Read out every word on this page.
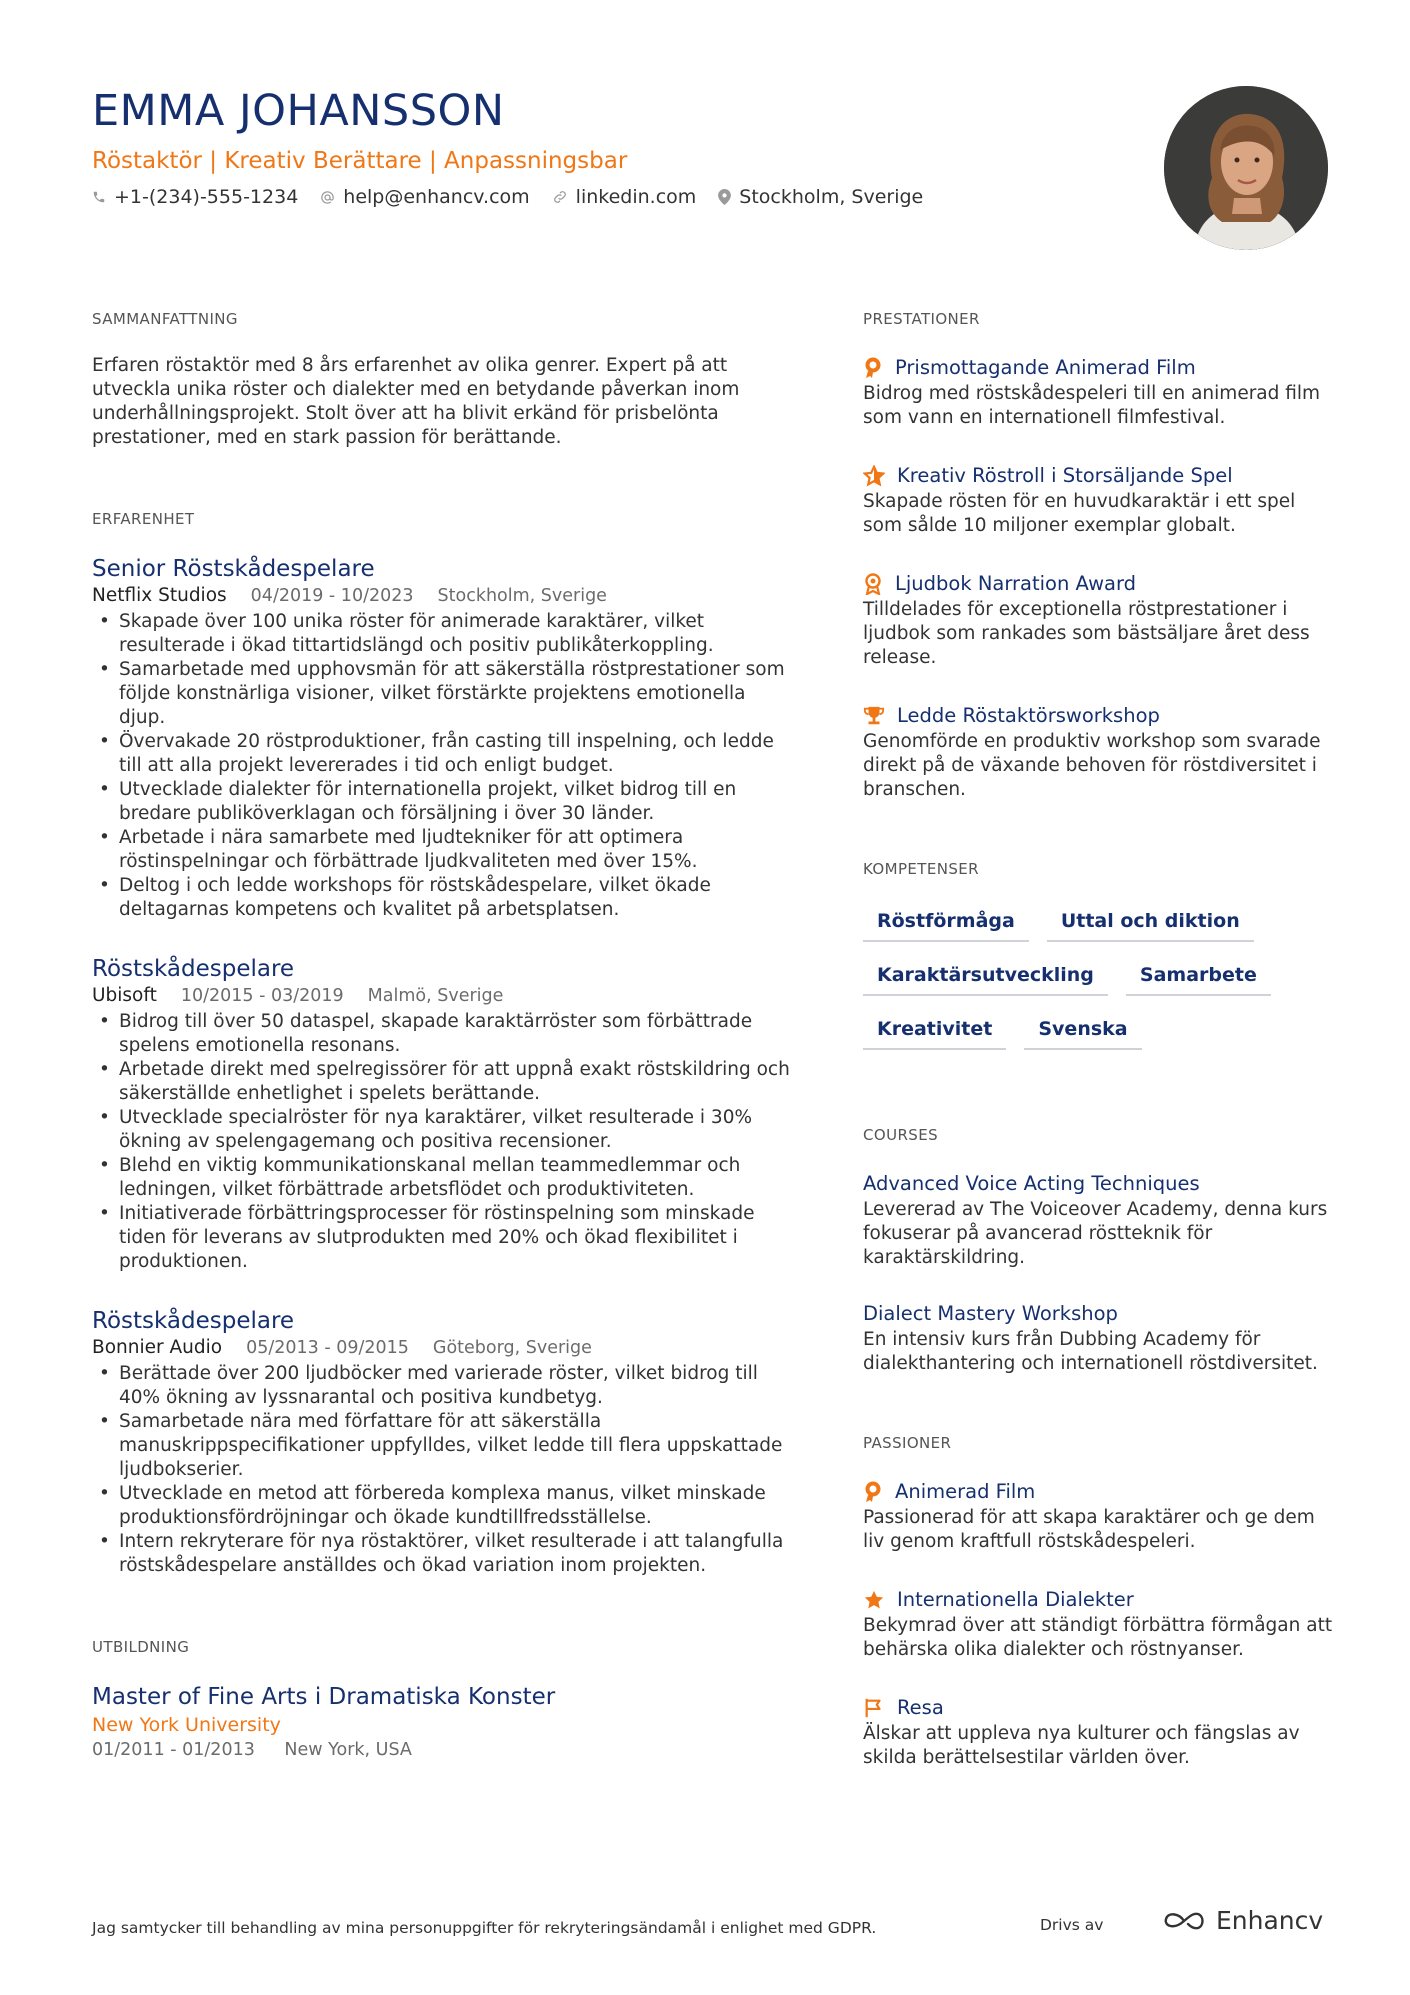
EMMA JOHANSSON
Röstaktör | Kreativ Berättare | Anpassningsbar
+1-(234)-555-1234 help@enhancv.com linkedin.com Stockholm, Sverige
SAMMANFATTNING
Erfaren röstaktör med 8 års erfarenhet av olika genrer. Expert på att utveckla unika röster och dialekter med en betydande påverkan inom underhållningsprojekt. Stolt över att ha blivit erkänd för prisbelönta prestationer, med en stark passion för berättande.
ERFARENHET
Senior Röstskådespelare
Netflix Studios 04/2019 - 10/2023 Stockholm, Sverige
• Skapade över 100 unika röster för animerade karaktärer, vilket resulterade i ökad tittartidslängd och positiv publikåterkoppling.
• Samarbetade med upphovsmän för att säkerställa röstprestationer som följde konstnärliga visioner, vilket förstärkte projektens emotionella djup.
• Övervakade 20 röstproduktioner, från casting till inspelning, och ledde till att alla projekt levererades i tid och enligt budget.
• Utvecklade dialekter för internationella projekt, vilket bidrog till en bredare publiköverklagan och försäljning i över 30 länder.
• Arbetade i nära samarbete med ljudtekniker för att optimera röstinspelningar och förbättrade ljudkvaliteten med över 15%.
• Deltog i och ledde workshops för röstskådespelare, vilket ökade deltagarnas kompetens och kvalitet på arbetsplatsen.
Röstskådespelare
Ubisoft 10/2015 - 03/2019 Malmö, Sverige
• Bidrog till över 50 dataspel, skapade karaktärröster som förbättrade spelens emotionella resonans.
• Arbetade direkt med spelregissörer för att uppnå exakt röstskildring och säkerställde enhetlighet i spelets berättande.
• Utvecklade specialröster för nya karaktärer, vilket resulterade i 30% ökning av spelengagemang och positiva recensioner.
• Blehd en viktig kommunikationskanal mellan teammedlemmar och ledningen, vilket förbättrade arbetsflödet och produktiviteten.
• Initiativerade förbättringsprocesser för röstinspelning som minskade tiden för leverans av slutprodukten med 20% och ökad flexibilitet i produktionen.
Röstskådespelare
Bonnier Audio 05/2013 - 09/2015 Göteborg, Sverige
• Berättade över 200 ljudböcker med varierade röster, vilket bidrog till 40% ökning av lyssnarantal och positiva kundbetyg.
• Samarbetade nära med författare för att säkerställa manuskrippspecifikationer uppfylldes, vilket ledde till flera uppskattade ljudbokserier.
• Utvecklade en metod att förbereda komplexa manus, vilket minskade produktionsfördröjningar och ökade kundtillfredsställelse.
• Intern rekryterare för nya röstaktörer, vilket resulterade i att talangfulla röstskådespelare anställdes och ökad variation inom projekten.
UTBILDNING
Master of Fine Arts i Dramatiska Konster
New York University
01/2011 - 01/2013 New York, USA
PRESTATIONER
Prismottagande Animerad Film
Bidrog med röstskådespeleri till en animerad film som vann en internationell filmfestival.
Kreativ Röstroll i Storsäljande Spel
Skapade rösten för en huvudkaraktär i ett spel som sålde 10 miljoner exemplar globalt.
Ljudbok Narration Award
Tilldelades för exceptionella röstprestationer i ljudbok som rankades som bästsäljare året dess release.
Ledde Röstaktörsworkshop
Genomförde en produktiv workshop som svarade direkt på de växande behoven för röstdiversitet i branschen.
KOMPETENSER
Röstförmåga	Uttal och diktion
Karaktärsutveckling	Samarbete
Kreativitet	Svenska
COURSES
Advanced Voice Acting Techniques
Levererad av The Voiceover Academy, denna kurs fokuserar på avancerad röstteknik för karaktärskildring.
Dialect Mastery Workshop
En intensiv kurs från Dubbing Academy för dialekthantering och internationell röstdiversitet.
PASSIONER
Animerad Film
Passionerad för att skapa karaktärer och ge dem liv genom kraftfull röstskådespeleri.
Internationella Dialekter
Bekymrad över att ständigt förbättra förmågan att behärska olika dialekter och röstnyanser.
Resa
Älskar att uppleva nya kulturer och fängslas av skilda berättelsestilar världen över.
Jag samtycker till behandling av mina personuppgifter för rekryteringsändamål i enlighet med GDPR.	Drivs av	Enhancv
